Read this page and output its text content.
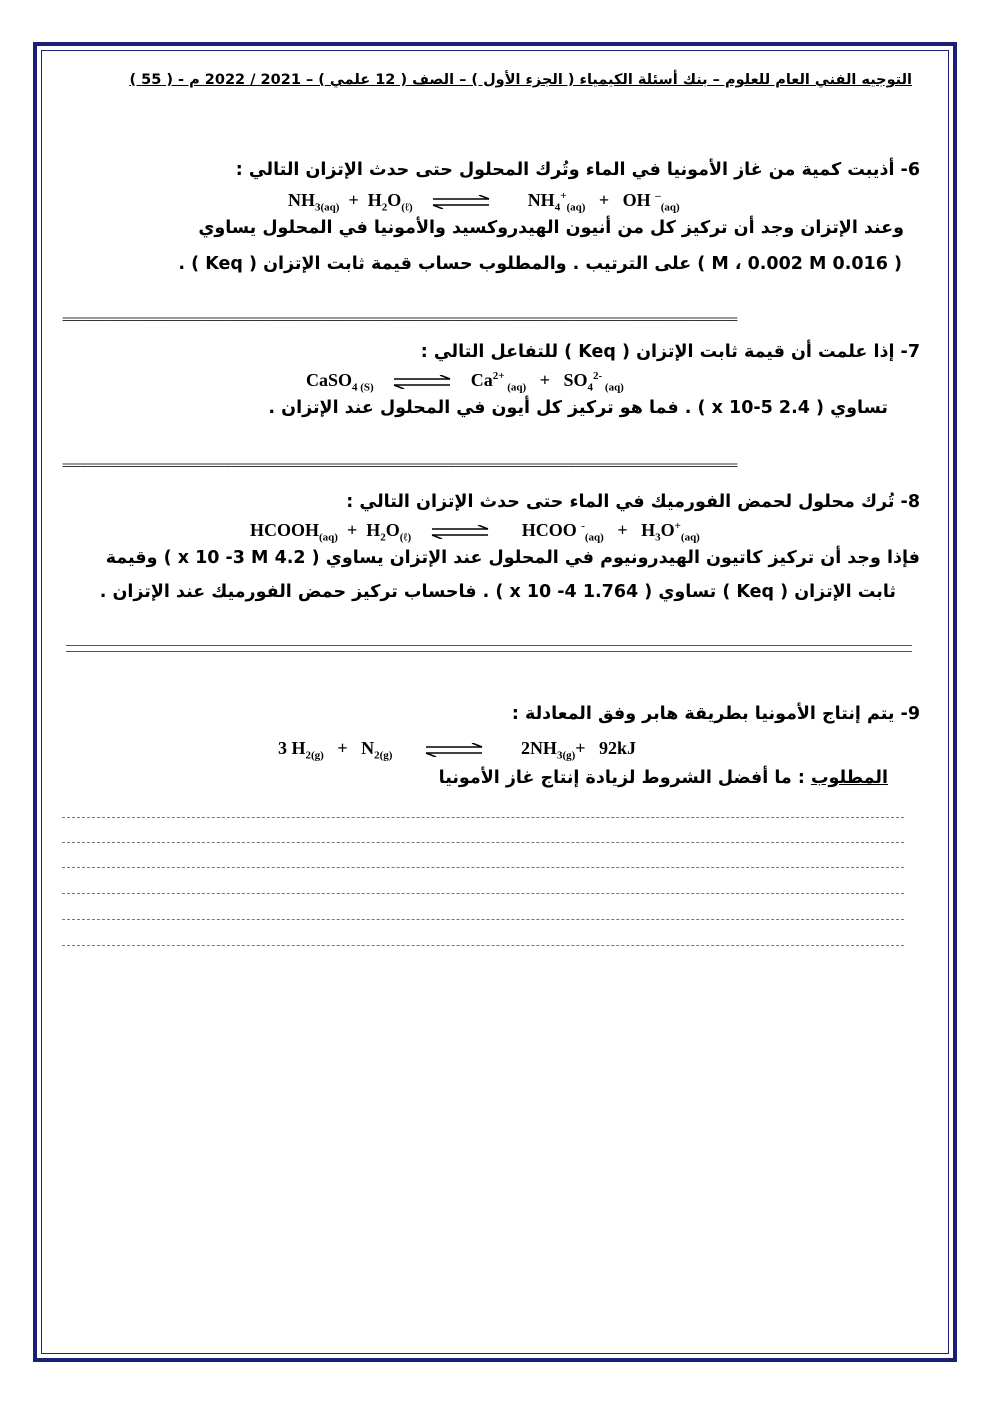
التوجيه الفني العام للعلوم – بنك أسئلة الكيمياء ( الجزء الأول ) – الصف ( 12 علمي ) – 2021 / 2022 م - ( 55 )
6- أذيبت كمية من غاز الأمونيا في الماء وتُرك المحلول حتى حدث الإتزان التالي :
$NH_{3(aq)} + H_2O_{(\ell)}$ ⇌ $NH_4^+_{(aq)}$   +   OH –$_{(aq)}$
وعند الإتزان وجد أن تركيز كل من أنيون الهيدروكسيد والأمونيا في المحلول يساوي
( 0.016 M ، 0.002 M ) على الترتيب . والمطلوب حساب قيمة ثابت الإتزان ( Keq ) .
================================================================================================================
7- إذا علمت أن قيمة ثابت الإتزان ( Keq ) للتفاعل التالي :
CaSO$_{4 (S)}$ ⇌ $Ca^{2+}$ $_{(aq)} + SO_4^{2-}$ $_{(aq)}$
تساوي ( 2.4 x 10-5 ) . فما هو تركيز كل أيون في المحلول عند الإتزان .
================================================================================================================
8- تُرك محلول لحمض الفورميك في الماء حتى حدث الإتزان التالي :
$HCOOH_{(aq)} + H_2O_{(\ell)}$ ⇌ HCOO $^-_{(aq)} + H_3O^+_{(aq)}$
فإذا وجد أن تركيز كاتيون الهيدرونيوم في المحلول عند الإتزان يساوي ( 4.2 x 10 -3 M ) وقيمة
ثابت الإتزان ( Keq ) تساوي ( 1.764 x 10 -4 ) . فاحساب تركيز حمض الفورميك عند الإتزان .
9- يتم إنتاج الأمونيا بطريقة هابر وفق المعادلة :
3 $H_{2(g)} + N_{2(g)}$ ⇌ $2NH_{3(g)}+ 92kJ$
المطلوب : ما أفضل الشروط لزيادة إنتاج غاز الأمونيا
